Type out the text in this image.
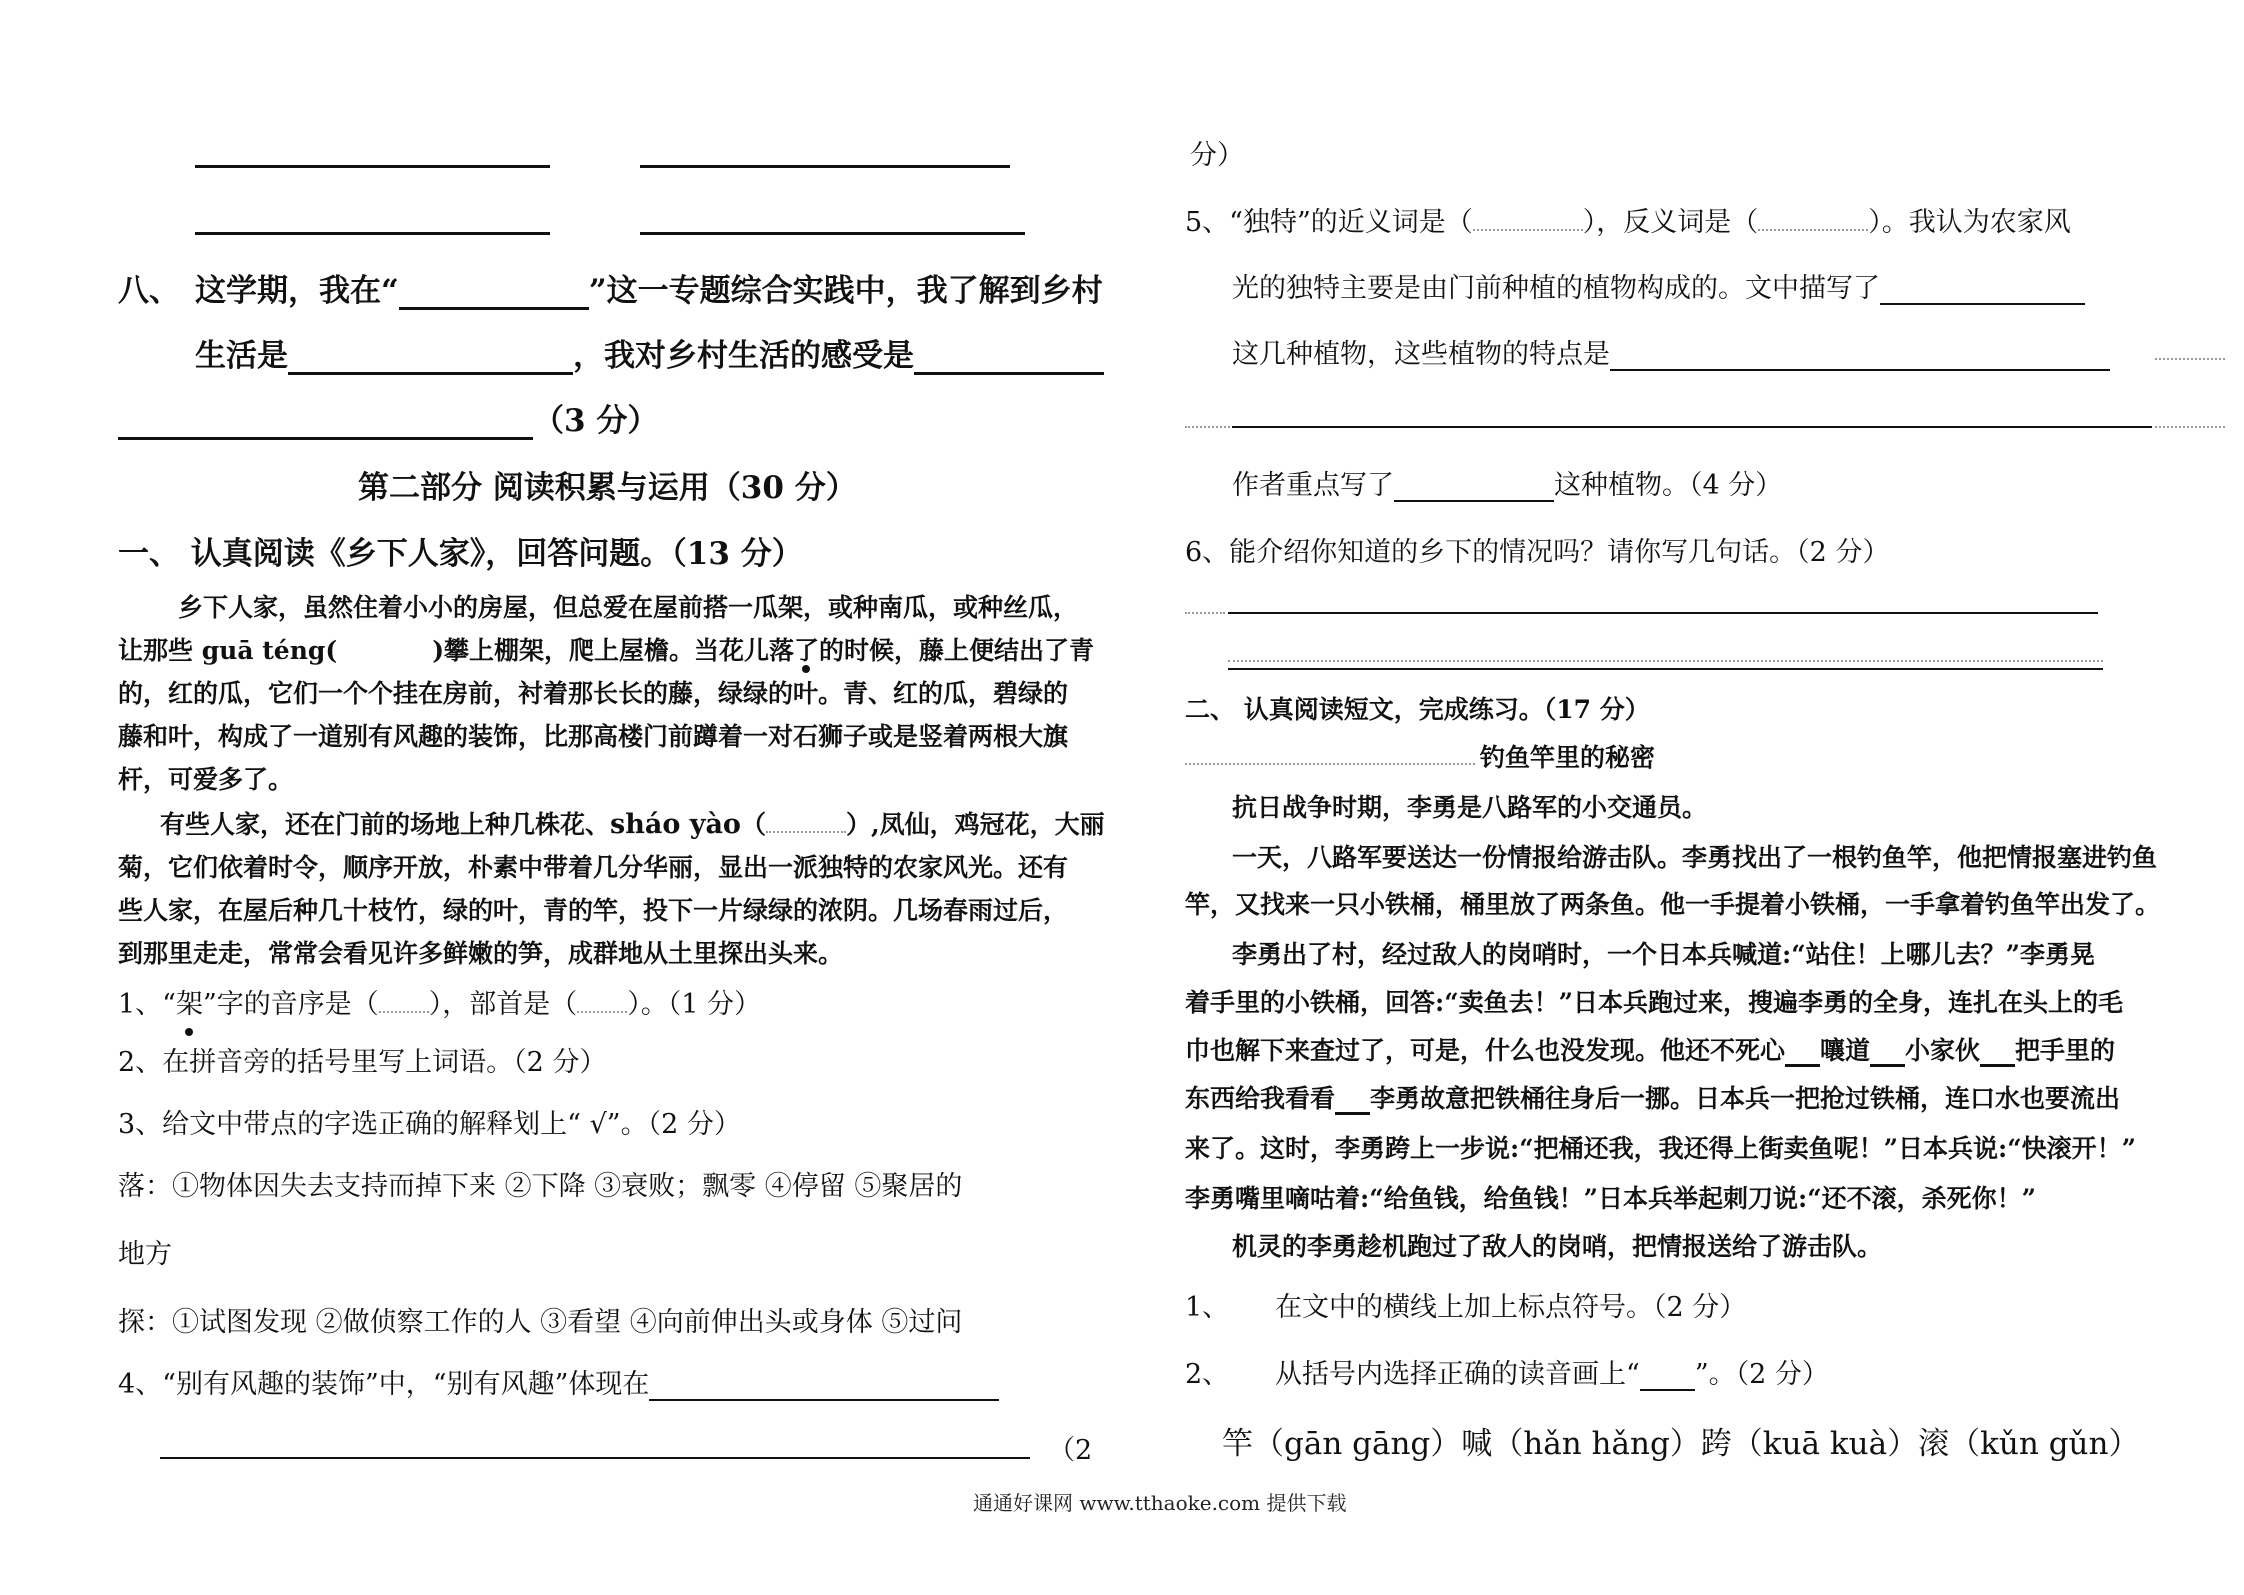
八、 这学期，我在“	”这一专题综合实践中，我了解到乡村
生活是	，我对乡村生活的感受是
（3 分）
第二部分 阅读积累与运用（30 分）
一、 认真阅读《乡下人家》，回答问题。（13 分）
乡下人家，虽然住着小小的房屋，但总爱在屋前搭一瓜架，或种南瓜，或种丝瓜，
让那些 guā téng(	)攀上棚架，爬上屋檐。当花儿落了的时候，藤上便结出了青
的，红的瓜，它们一个个挂在房前，衬着那长长的藤，绿绿的叶。青、红的瓜，碧绿的
藤和叶，构成了一道别有风趣的装饰，比那高楼门前蹲着一对石狮子或是竖着两根大旗
杆，可爱多了。
有些人家，还在门前的场地上种几株花、sháo yào（	）,凤仙，鸡冠花，大丽
菊，它们依着时令，顺序开放，朴素中带着几分华丽，显出一派独特的农家风光。还有
些人家，在屋后种几十枝竹，绿的叶，青的竿，投下一片绿绿的浓阴。几场春雨过后，
到那里走走，常常会看见许多鲜嫩的笋，成群地从土里探出头来。
1、“架”字的音序是（ ），部首是（ ）。（1 分）
2、在拼音旁的括号里写上词语。（2 分）
3、给文中带点的字选正确的解释划上“ √”。（2 分）
落：①物体因失去支持而掉下来 ②下降 ③衰败；飘零 ④停留 ⑤聚居的
地方
探：①试图发现 ②做侦察工作的人 ③看望 ④向前伸出头或身体 ⑤过问
4、“别有风趣的装饰”中，“别有风趣”体现在
（2
分）
5、“独特”的近义词是（	），反义词是（	）。我认为农家风
光的独特主要是由门前种植的植物构成的。文中描写了
这几种植物，这些植物的特点是
作者重点写了	这种植物。（4 分）
6、能介绍你知道的乡下的情况吗？请你写几句话。（2 分）
二、 认真阅读短文，完成练习。（17 分）
钓鱼竿里的秘密
抗日战争时期，李勇是八路军的小交通员。
一天，八路军要送达一份情报给游击队。李勇找出了一根钓鱼竿，他把情报塞进钓鱼
竿，又找来一只小铁桶，桶里放了两条鱼。他一手提着小铁桶，一手拿着钓鱼竿出发了。
李勇出了村，经过敌人的岗哨时，一个日本兵喊道:“站住！上哪儿去？”李勇晃
着手里的小铁桶，回答:“卖鱼去！”日本兵跑过来，搜遍李勇的全身，连扎在头上的毛
巾也解下来查过了，可是，什么也没发现。他还不死心 嚷道 小家伙 把手里的
东西给我看看 李勇故意把铁桶往身后一挪。日本兵一把抢过铁桶，连口水也要流出
来了。这时，李勇跨上一步说:“把桶还我，我还得上街卖鱼呢！”日本兵说:“快滚开！”
李勇嘴里嘀咕着:“给鱼钱，给鱼钱！”日本兵举起刺刀说:“还不滚，杀死你！”
机灵的李勇趁机跑过了敌人的岗哨，把情报送给了游击队。
1、 在文中的横线上加上标点符号。（2 分）
2、 从括号内选择正确的读音画上“ ”。（2 分）
竿（gān gāng）喊（hǎn hǎng）跨（kuā kuà）滚（kǔn gǔn）
通通好课网 www.tthaoke.com 提供下载
